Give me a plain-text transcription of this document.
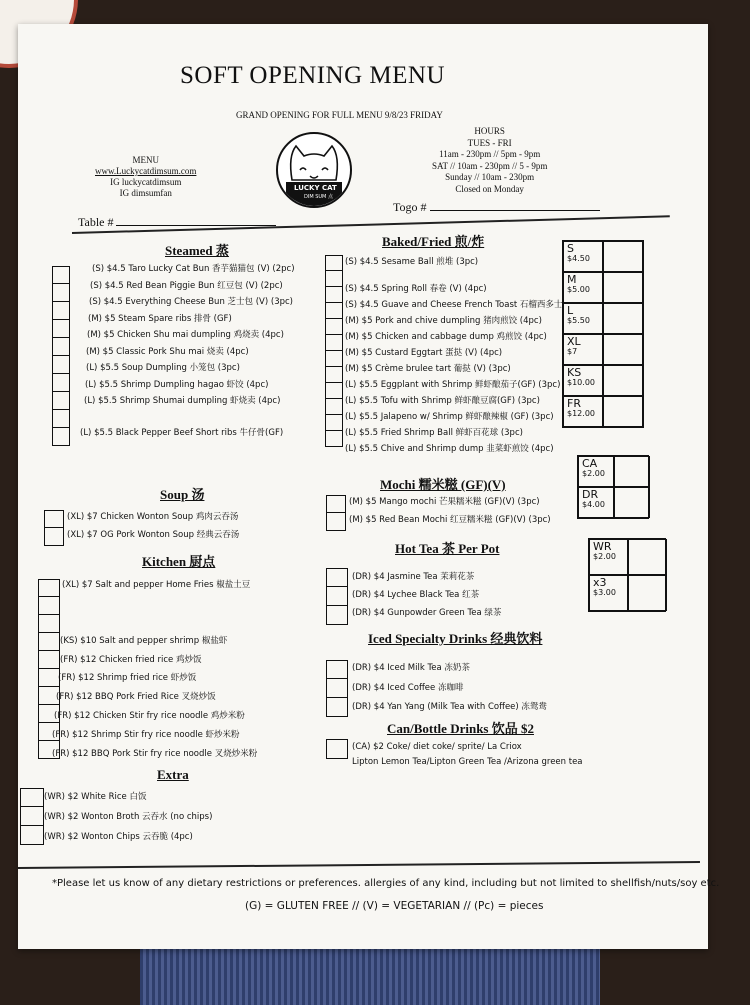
SOFT OPENING MENU
GRAND OPENING FOR FULL MENU 9/8/23 FRIDAY
MENU
www.Luckycatdimsum.com
IG luckycatdimsum
IG dimsumfan	LUCKY CAT
DIM SUM 点
HOURS
TUES - FRI
11am - 230pm // 5pm - 9pm
SAT // 10am - 230pm // 5 - 9pm
Sunday // 10am - 230pm
Closed on Monday
Table #
Togo #
Steamed 蒸
(S) $4.5 Taro Lucky Cat Bun 香芋猫猫包 (V) (2pc)
(S) $4.5 Red Bean Piggie Bun 红豆包 (V) (2pc)
(S) $4.5 Everything Cheese Bun 芝士包 (V) (3pc)
(M) $5 Steam Spare ribs 排骨 (GF)
(M) $5 Chicken Shu mai dumpling 鸡烧卖 (4pc)
(M) $5 Classic Pork Shu mai 烧卖 (4pc)
(L) $5.5 Soup Dumpling 小笼包 (3pc)
(L) $5.5 Shrimp Dumpling hagao 虾饺 (4pc)
(L) $5.5 Shrimp Shumai dumpling 虾烧卖 (4pc)
(L) $5.5 Black Pepper Beef Short ribs 牛仔骨(GF)
Baked/Fried 煎/炸
(S) $4.5 Sesame Ball 煎堆 (3pc)
(S) $4.5 Spring Roll 春卷 (V) (4pc)
(S) $4.5 Guave and Cheese French Toast 石榴西多士
(M) $5 Pork and chive dumpling 猪肉煎饺 (4pc)
(M) $5 Chicken and cabbage dump 鸡煎饺 (4pc)
(M) $5 Custard Eggtart 蛋挞 (V) (4pc)
(M) $5 Crème brulee tart 葡挞 (V) (3pc)
(L) $5.5 Eggplant with Shrimp 鲜虾酿茄子(GF) (3pc)
(L) $5.5 Tofu with Shrimp 鲜虾酿豆腐(GF) (3pc)
(L) $5.5 Jalapeno w/ Shrimp 鲜虾酿辣椒 (GF) (3pc)
(L) $5.5 Fried Shrimp Ball 鲜虾百花球 (3pc)
(L) $5.5 Chive and Shrimp dump 韭菜虾煎饺 (4pc)
S
$4.50
M
$5.00
L
$5.50
XL
$7
KS
$10.00
FR
$12.00
Soup 汤
(XL) $7 Chicken Wonton Soup 鸡肉云吞汤
(XL) $7 OG Pork Wonton Soup 经典云吞汤
Kitchen 厨点
(XL) $7 Salt and pepper Home Fries 椒盐土豆
(KS) $10 Salt and pepper shrimp 椒盐虾
(FR) $12 Chicken fried rice 鸡炒饭
(FR) $12 Shrimp fried rice 虾炒饭
(FR) $12 BBQ Pork Fried Rice 叉烧炒饭
(FR) $12 Chicken Stir fry rice noodle 鸡炒米粉
(FR) $12 Shrimp Stir fry rice noodle 虾炒米粉
(FR) $12 BBQ Pork Stir fry rice noodle 叉烧炒米粉
Extra
(WR) $2 White Rice 白饭
(WR) $2 Wonton Broth 云吞水 (no chips)
(WR) $2 Wonton Chips 云吞脆 (4pc)
Mochi 糯米糍 (GF)(V)
(M) $5 Mango mochi 芒果糯米糍 (GF)(V) (3pc)
(M) $5 Red Bean Mochi 红豆糯米糍 (GF)(V) (3pc)
CA
$2.00
DR
$4.00
Hot Tea 茶 Per Pot
(DR) $4 Jasmine Tea 茉莉花茶
(DR) $4 Lychee Black Tea 红茶
(DR) $4 Gunpowder Green Tea 绿茶
WR
$2.00
x3
$3.00
Iced Specialty Drinks 经典饮料
(DR) $4 Iced Milk Tea 冻奶茶
(DR) $4 Iced Coffee 冻咖啡
(DR) $4 Yan Yang (Milk Tea with Coffee) 冻鸳鸯
Can/Bottle Drinks 饮品 $2
(CA) $2 Coke/ diet coke/ sprite/ La Criox
Lipton Lemon Tea/Lipton Green Tea /Arizona green tea
*Please let us know of any dietary restrictions or preferences. allergies of any kind, including but not limited to shellfish/nuts/soy etc.
(G) = GLUTEN FREE // (V) = VEGETARIAN // (Pc) = pieces
